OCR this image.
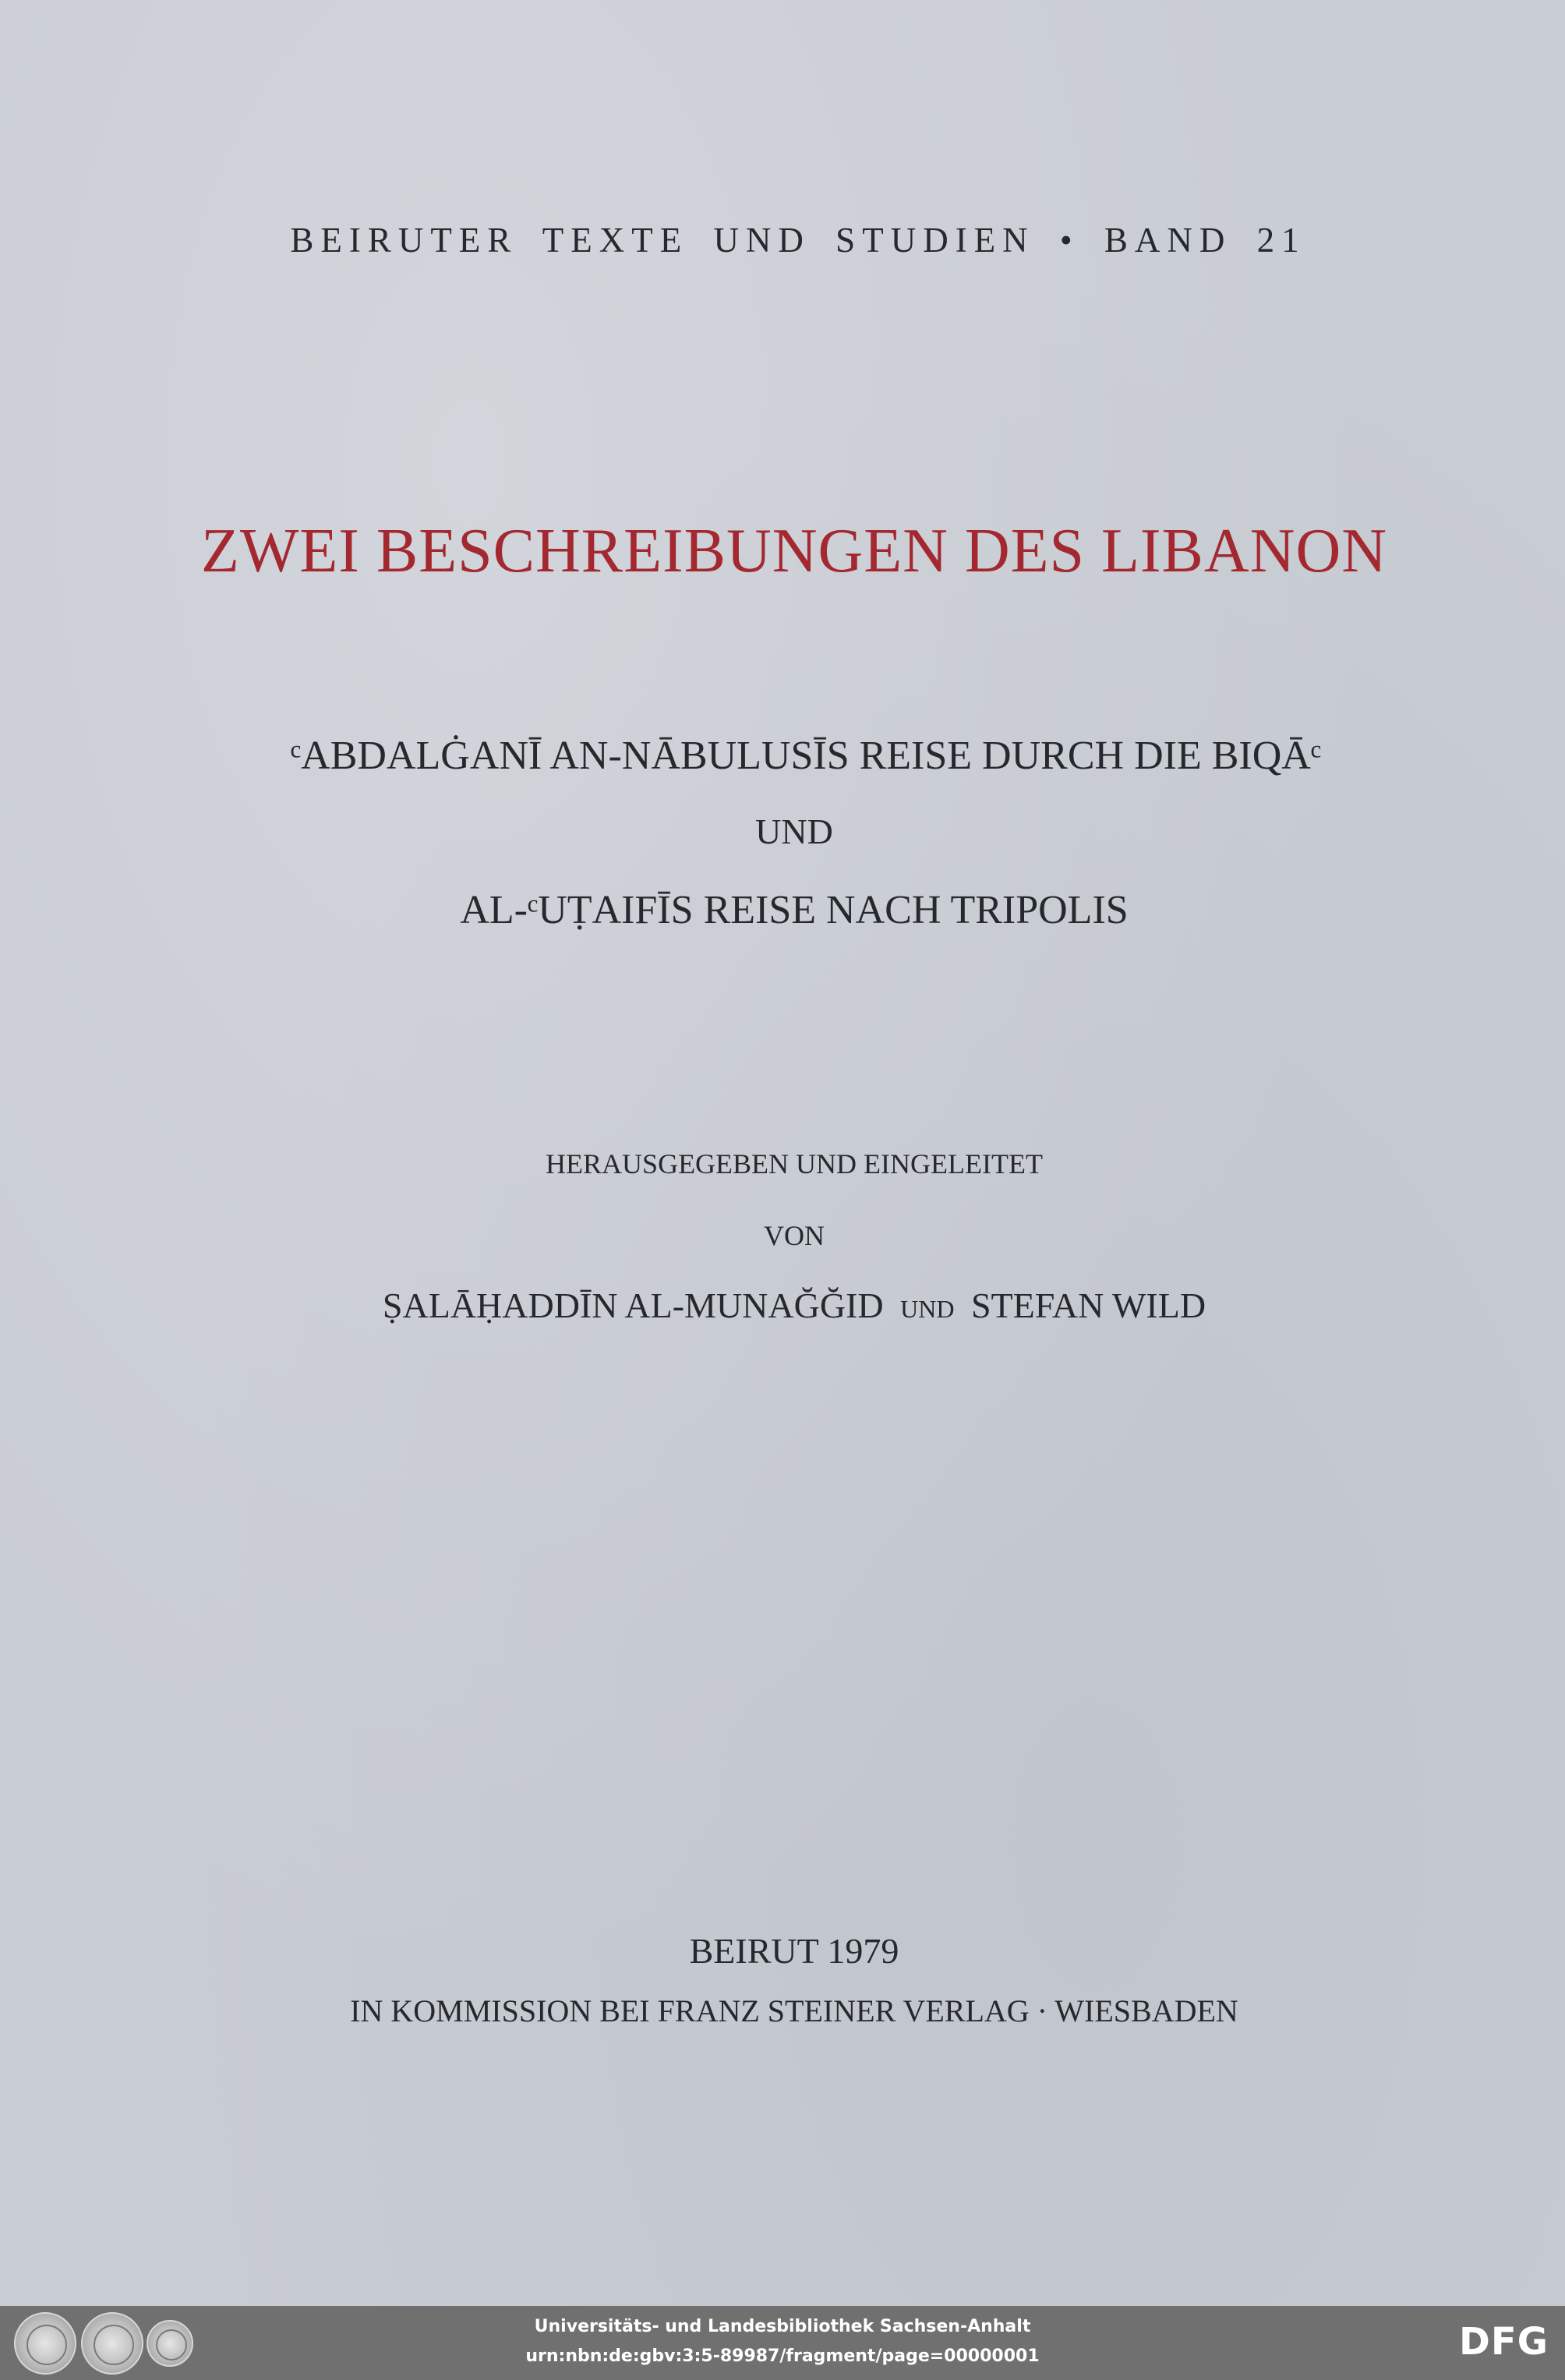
BEIRUTER TEXTE UND STUDIEN • BAND 21
ZWEI BESCHREIBUNGEN DES LIBANON
ᶜABDALĠANĪ AN-NĀBULUSĪS REISE DURCH DIE BIQĀᶜ
UND
AL-ᶜUṬAIFĪS REISE NACH TRIPOLIS
HERAUSGEGEBEN UND EINGELEITET
VON
ṢALĀḤADDĪN AL-MUNAĞĞID UND STEFAN WILD
BEIRUT 1979
IN KOMMISSION BEI FRANZ STEINER VERLAG · WIESBADEN
Universitäts- und Landesbibliothek Sachsen-Anhalt
urn:nbn:de:gbv:3:5-89987/fragment/page=00000001	DFG
